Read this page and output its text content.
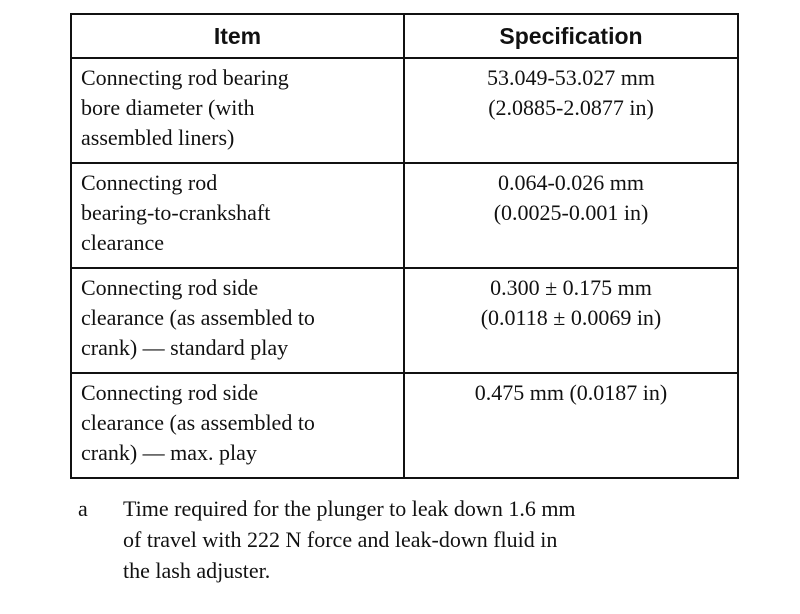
Item	Specification

Connecting rod bearing
bore diameter (with
assembled liners)	53.049-53.027 mm
(2.0885-2.0877 in)

Connecting rod
bearing-to-crankshaft
clearance	0.064-0.026 mm
(0.0025-0.001 in)

Connecting rod side
clearance (as assembled to
crank) — standard play	0.300 ± 0.175 mm
(0.0118 ± 0.0069 in)

Connecting rod side
clearance (as assembled to
crank) — max. play	0.475 mm (0.0187 in)
a Time required for the plunger to leak down 1.6 mm
of travel with 222 N force and leak-down fluid in
the lash adjuster.
